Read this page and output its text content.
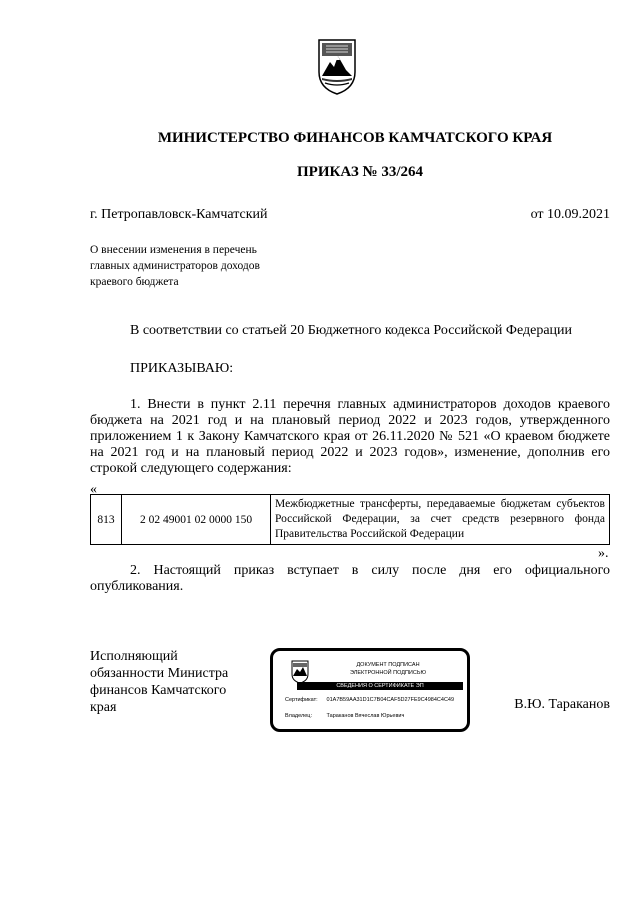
МИНИСТЕРСТВО ФИНАНСОВ КАМЧАТСКОГО КРАЯ
ПРИКАЗ № 33/264
г. Петропавловск-Камчатский	от 10.09.2021
О внесении изменения в перечень
главных администраторов доходов
краевого бюджета
В соответствии со статьей 20 Бюджетного кодекса Российской Федерации
ПРИКАЗЫВАЮ:
1. Внести в пункт 2.11 перечня главных администраторов доходов краевого бюджета на 2021 год и на плановый период 2022 и 2023 годов, утвержденного приложением 1 к Закону Камчатского края от 26.11.2020 № 521 «О краевом бюджете на 2021 год и на плановый период 2022 и 2023 годов», изменение, дополнив его строкой следующего содержания:
«
813	2 02 49001 02 0000 150	Межбюджетные трансферты, передаваемые бюджетам субъектов Российской Федерации, за счет средств резервного фонда Правительства Российской Федерации
».
2. Настоящий приказ вступает в силу после дня его официального опубликования.
Исполняющий
обязанности Министра
финансов Камчатского
края
ДОКУМЕНТ ПОДПИСАН
ЭЛЕКТРОННОЙ ПОДПИСЬЮ
СВЕДЕНИЯ О СЕРТИФИКАТЕ ЭП
Сертификат: 01A7B59AA31D1C7B04CAF5D27FE9C4984C4C49
Владелец:	Тараканов Вячеслав Юрьевич
В.Ю. Тараканов
